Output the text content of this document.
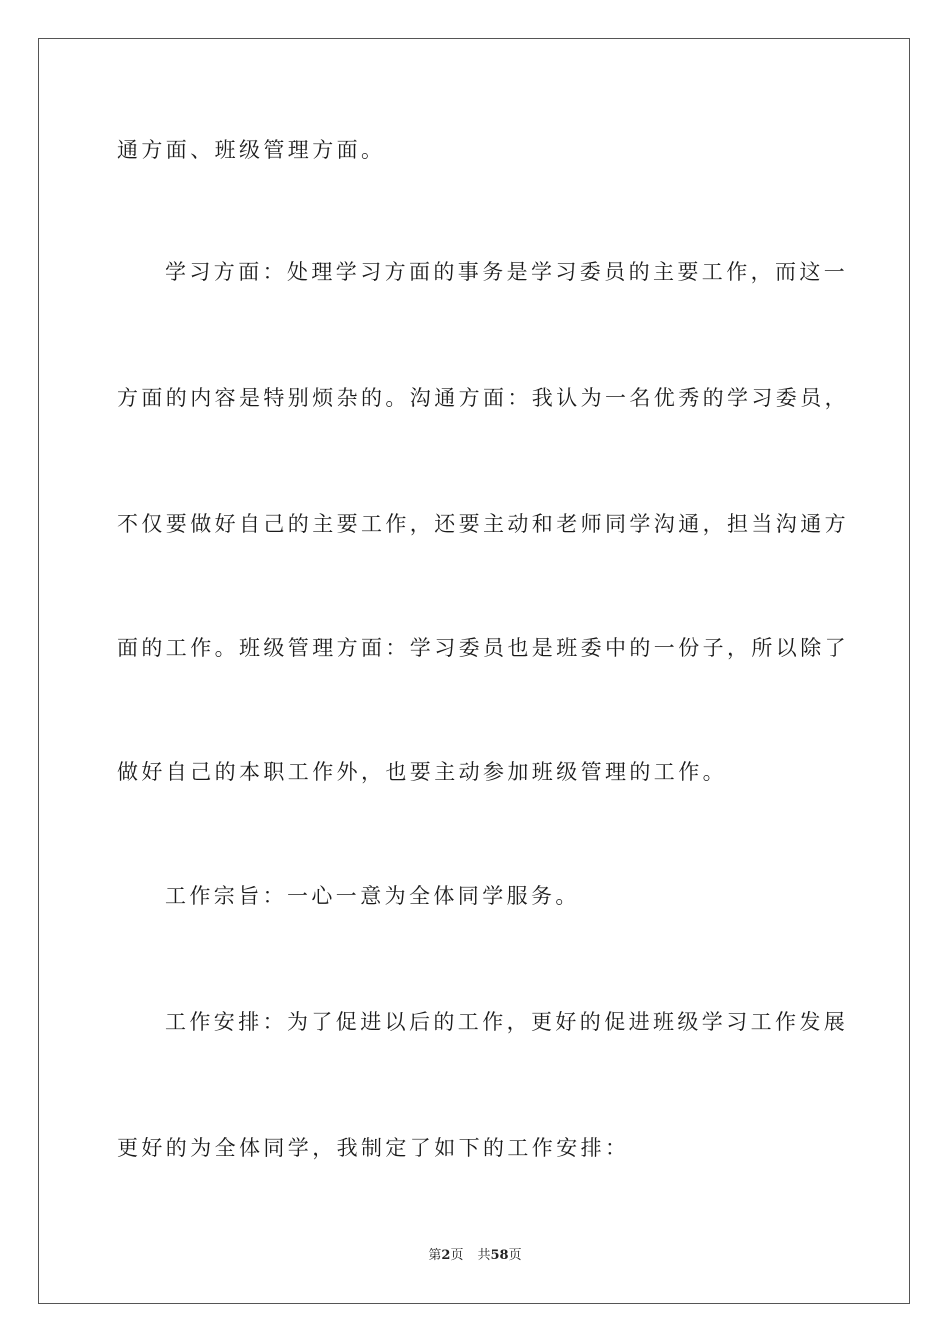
通方面、班级管理方面。
学习方面：处理学习方面的事务是学习委员的主要工作，而这一
方面的内容是特别烦杂的。沟通方面：我认为一名优秀的学习委员，
不仅要做好自己的主要工作，还要主动和老师同学沟通，担当沟通方
面的工作。班级管理方面：学习委员也是班委中的一份子，所以除了
做好自己的本职工作外，也要主动参加班级管理的工作。
工作宗旨：一心一意为全体同学服务。
工作安排：为了促进以后的工作，更好的促进班级学习工作发展
更好的为全体同学，我制定了如下的工作安排：
第2页 共58页
